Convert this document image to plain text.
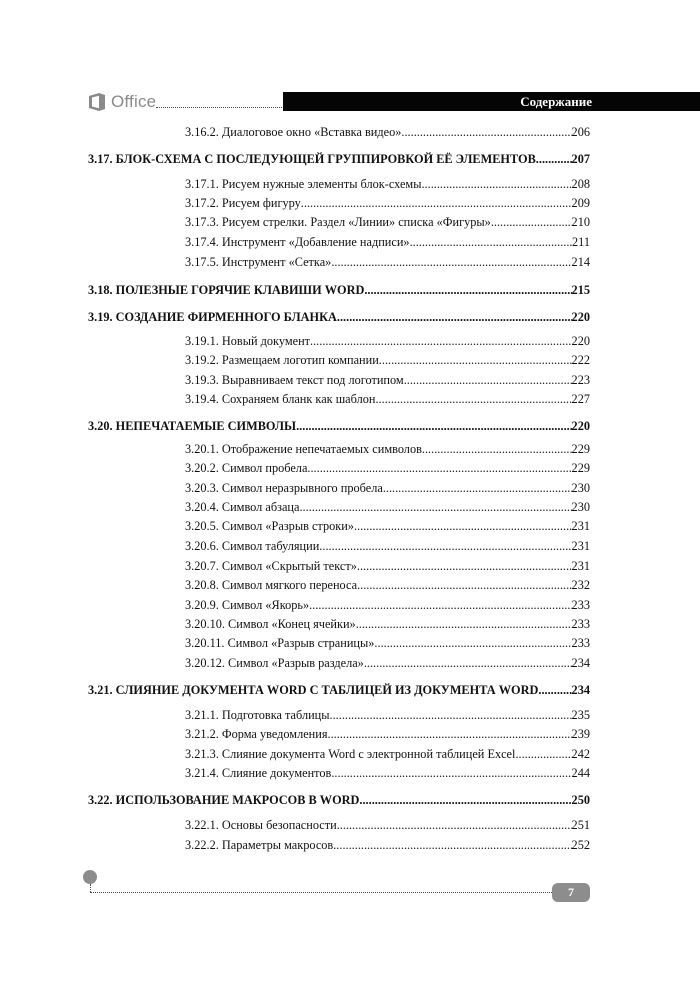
Office	Содержание
3.16.2. Диалоговое окно «Вставка видео» .....	206
3.17. БЛОК-СХЕМА С ПОСЛЕДУЮЩЕЙ ГРУППИРОВКОЙ ЕЁ ЭЛЕМЕНТОВ .....	207
3.17.1. Рисуем нужные элементы блок-схемы .....	208
3.17.2. Рисуем фигуру .....	209
3.17.3. Рисуем стрелки. Раздел «Линии» списка «Фигуры» .....	210
3.17.4. Инструмент «Добавление надписи» .....	211
3.17.5. Инструмент «Сетка» .....	214
3.18. ПОЛЕЗНЫЕ ГОРЯЧИЕ КЛАВИШИ WORD .....	215
3.19. СОЗДАНИЕ ФИРМЕННОГО БЛАНКА .....	220
3.19.1. Новый документ .....	220
3.19.2. Размещаем логотип компании .....	222
3.19.3. Выравниваем текст под логотипом .....	223
3.19.4. Сохраняем бланк как шаблон .....	227
3.20. НЕПЕЧАТАЕМЫЕ СИМВОЛЫ .....	220
3.20.1. Отображение непечатаемых символов .....	229
3.20.2. Символ пробела .....	229
3.20.3. Символ неразрывного пробела .....	230
3.20.4. Символ абзаца .....	230
3.20.5. Символ «Разрыв строки» .....	231
3.20.6. Символ табуляции .....	231
3.20.7. Символ «Скрытый текст» .....	231
3.20.8. Символ мягкого переноса .....	232
3.20.9. Символ «Якорь» .....	233
3.20.10. Символ «Конец ячейки» .....	233
3.20.11. Символ «Разрыв страницы» .....	233
3.20.12. Символ «Разрыв раздела» .....	234
3.21. СЛИЯНИЕ ДОКУМЕНТА WORD С ТАБЛИЦЕЙ ИЗ ДОКУМЕНТА WORD .....	234
3.21.1. Подготовка таблицы .....	235
3.21.2. Форма уведомления .....	239
3.21.3. Слияние документа Word с электронной таблицей Excel .....	242
3.21.4. Слияние документов .....	244
3.22. ИСПОЛЬЗОВАНИЕ МАКРОСОВ В WORD .....	250
3.22.1. Основы безопасности .....	251
3.22.2. Параметры макросов .....	252
7
